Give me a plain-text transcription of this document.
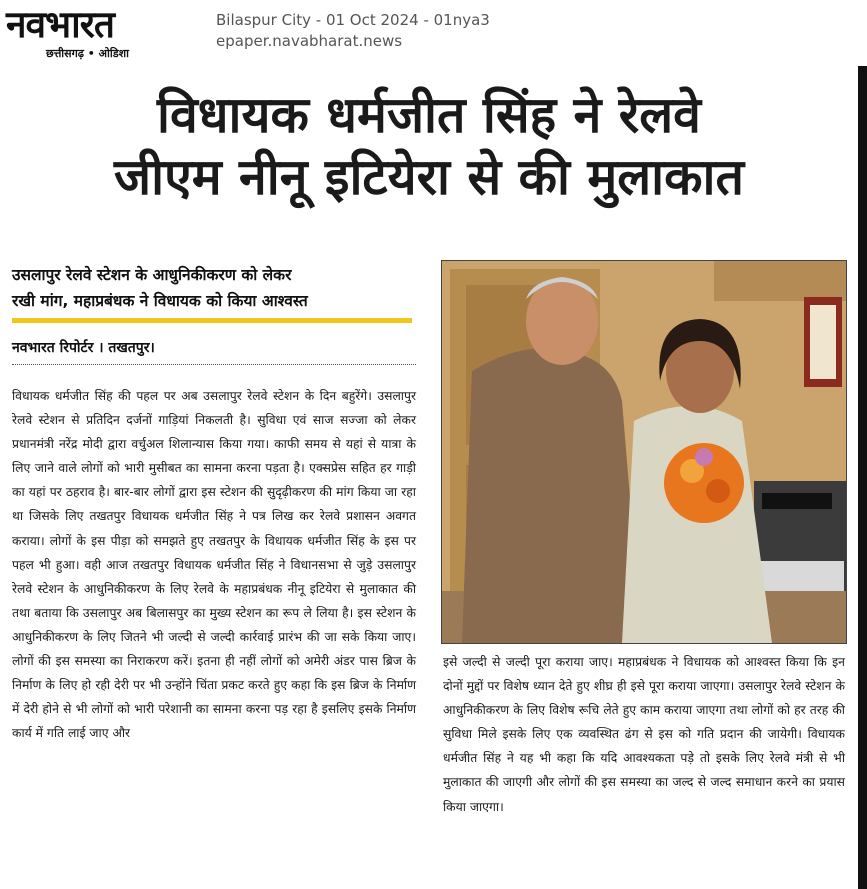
नवभारत
छत्तीसगढ़ • ओडिशा
Bilaspur City - 01 Oct 2024 - 01nya3
epaper.navabharat.news
विधायक धर्मजीत सिंह ने रेलवे
जीएम नीनू इटियेरा से की मुलाकात
उसलापुर रेलवे स्टेशन के आधुनिकीकरण को लेकर
रखी मांग, महाप्रबंधक ने विधायक को किया आश्वस्त
नवभारत रिपोर्टर । तखतपुर।

विधायक धर्मजीत सिंह की पहल पर अब उसलापुर रेलवे स्टेशन के दिन बहुरेंगे। उसलापुर रेलवे स्टेशन से प्रतिदिन दर्जनों गाड़ियां निकलती है। सुविधा एवं साज सज्जा को लेकर प्रधानमंत्री नरेंद्र मोदी द्वारा वर्चुअल शिलान्यास किया गया। काफी समय से यहां से यात्रा के लिए जाने वाले लोगों को भारी मुसीबत का सामना करना पड़ता है। एक्सप्रेस सहित हर गाड़ी का यहां पर ठहराव है। बार-बार लोगों द्वारा इस स्टेशन की सुदृढ़ीकरण की मांग किया जा रहा था जिसके लिए तखतपुर विधायक धर्मजीत सिंह ने पत्र लिख कर रेलवे प्रशासन अवगत कराया। लोगों के इस पीड़ा को समझते हुए तखतपुर के विधायक धर्मजीत सिंह के इस पर पहल भी हुआ। वही आज तखतपुर विधायक धर्मजीत सिंह ने विधानसभा से जुड़े उसलापुर रेलवे स्टेशन के आधुनिकीकरण के लिए रेलवे के महाप्रबंधक नीनू इटियेरा से मुलाकात की तथा बताया कि उसलापुर अब बिलासपुर का मुख्य स्टेशन का रूप ले लिया है। इस स्टेशन के आधुनिकीकरण के लिए जितने भी जल्दी से जल्दी कार्रवाई प्रारंभ की जा सके किया जाए। लोगों की इस समस्या का निराकरण करें। इतना ही नहीं लोगों को अमेरी अंडर पास ब्रिज के निर्माण के लिए हो रही देरी पर भी उन्होंने चिंता प्रकट करते हुए कहा कि इस ब्रिज के निर्माण में देरी होने से भी लोगों को भारी परेशानी का सामना करना पड़ रहा है इसलिए इसके निर्माण कार्य में गति लाई जाए और

इसे जल्दी से जल्दी पूरा कराया जाए। महाप्रबंधक ने विधायक को आश्वस्त किया कि इन दोनों मुद्दों पर विशेष ध्यान देते हुए शीघ्र ही इसे पूरा कराया जाएगा। उसलापुर रेलवे स्टेशन के आधुनिकीकरण के लिए विशेष रूचि लेते हुए काम कराया जाएगा तथा लोगों को हर तरह की सुविधा मिले इसके लिए एक व्यवस्थित ढंग से इस को गति प्रदान की जायेगी। विधायक धर्मजीत सिंह ने यह भी कहा कि यदि आवश्यकता पड़े तो इसके लिए रेलवे मंत्री से भी मुलाकात की जाएगी और लोगों की इस समस्या का जल्द से जल्द समाधान करने का प्रयास किया जाएगा।
